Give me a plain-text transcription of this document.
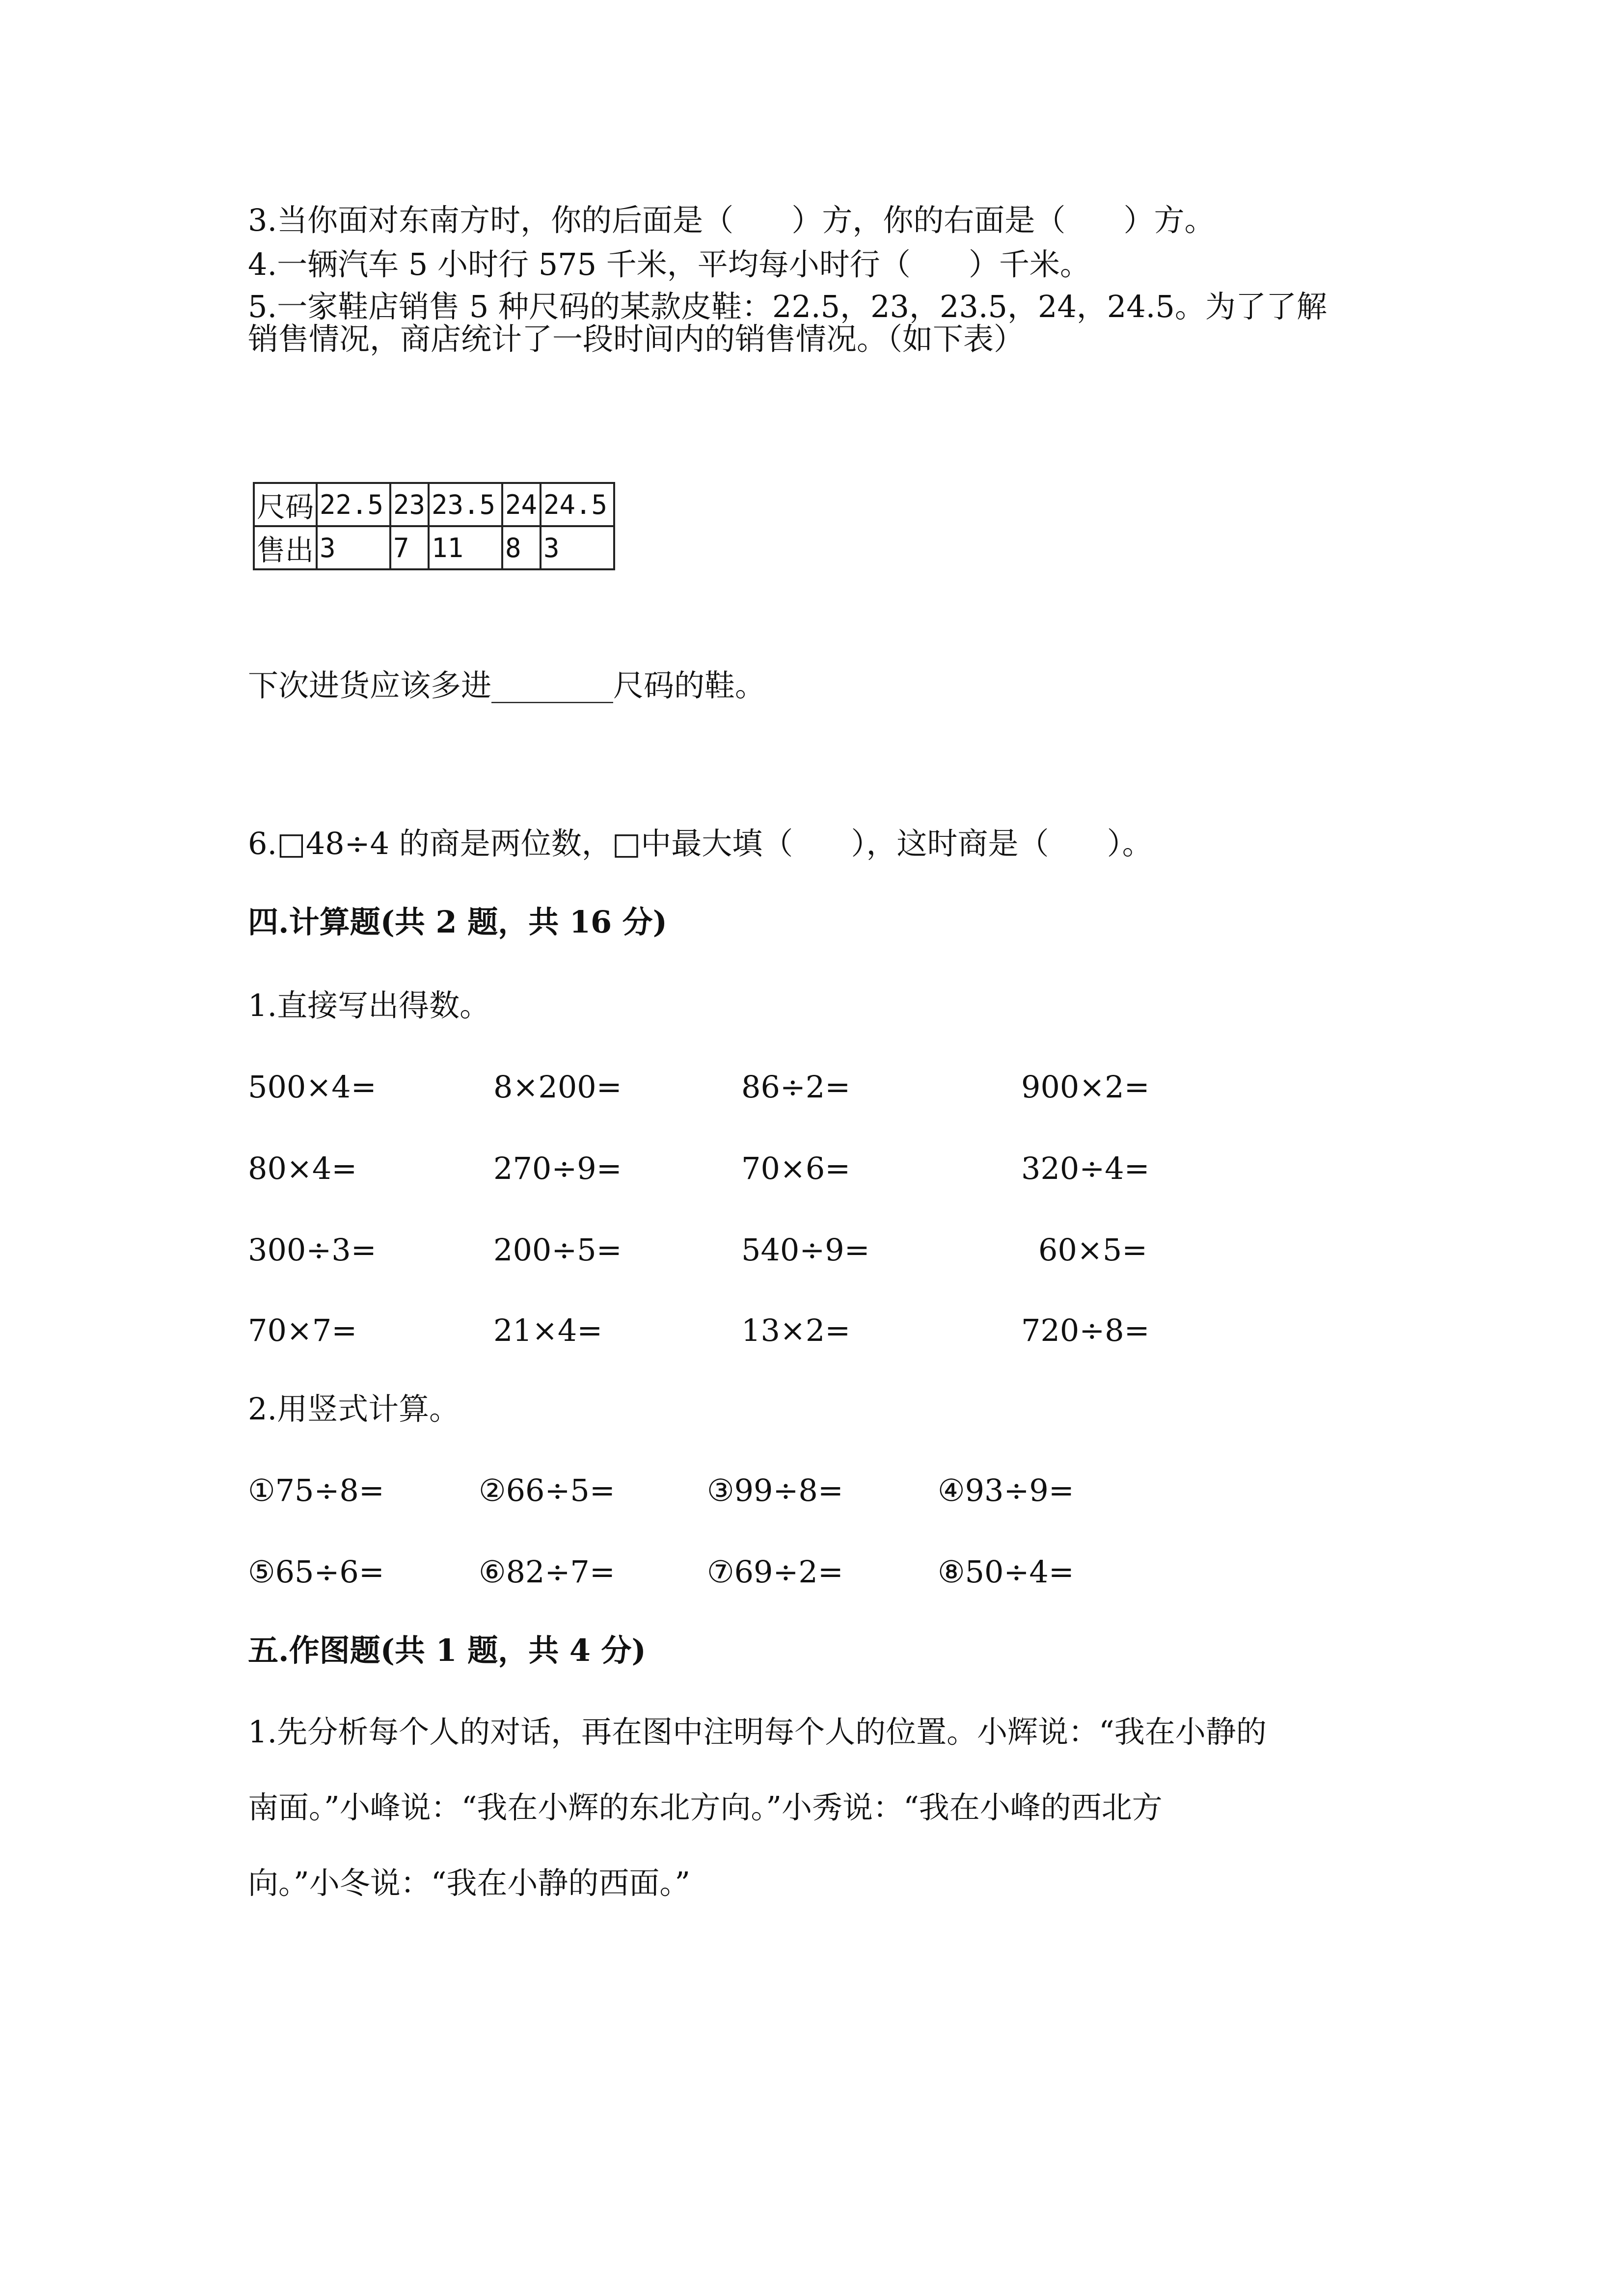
3.当你面对东南方时，你的后面是（      ）方，你的右面是（      ）方。

4.一辆汽车 5 小时行 575 千米，平均每小时行（      ）千米。

5.一家鞋店销售 5 种尺码的某款皮鞋：22.5，23，23.5，24，24.5。为了了解

销售情况，商店统计了一段时间内的销售情况。（如下表）

尺码	22.5	23	23.5	24	24.5
售出	3	7	11	8	3

下次进货应该多进________尺码的鞋。

6.□48÷4 的商是两位数，□中最大填（      ），这时商是（      ）。

四.计算题(共 2 题，共 16 分)

1.直接写出得数。

500×4=	8×200=	86÷2=	900×2=
80×4=	270÷9=	70×6=	320÷4=
300÷3=	200÷5=	540÷9=	60×5=
70×7=	21×4=	13×2=	720÷8=

2.用竖式计算。

①75÷8=	②66÷5=	③99÷8=	④93÷9=
⑤65÷6=	⑥82÷7=	⑦69÷2=	⑧50÷4=

五.作图题(共 1 题，共 4 分)

1.先分析每个人的对话，再在图中注明每个人的位置。小辉说：“我在小静的

南面。”小峰说：“我在小辉的东北方向。”小秀说：“我在小峰的西北方

向。”小冬说：“我在小静的西面。”
